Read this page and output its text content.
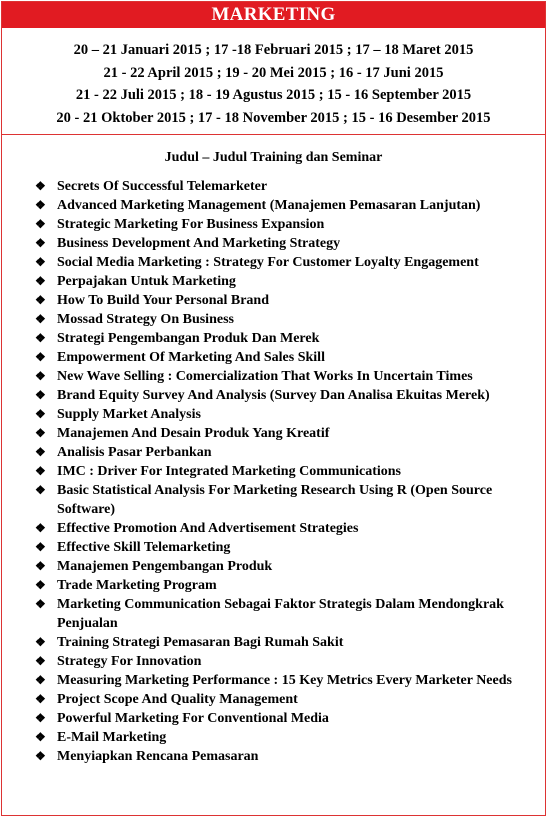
MARKETING
20 – 21 Januari 2015 ; 17 -18 Februari 2015 ; 17 – 18 Maret 2015
21 - 22 April 2015 ; 19 - 20 Mei 2015 ; 16 - 17 Juni 2015
21 - 22 Juli 2015 ; 18 - 19 Agustus 2015 ; 15 - 16 September 2015
20 - 21 Oktober 2015 ; 17 - 18 November 2015 ; 15 - 16 Desember 2015
Judul – Judul Training dan Seminar
❖ Secrets Of Successful Telemarketer
❖ Advanced Marketing Management (Manajemen Pemasaran Lanjutan)
❖ Strategic Marketing For Business Expansion
❖ Business Development And Marketing Strategy
❖ Social Media Marketing : Strategy For Customer Loyalty Engagement
❖ Perpajakan Untuk Marketing
❖ How To Build Your Personal Brand
❖ Mossad Strategy On Business
❖ Strategi Pengembangan Produk Dan Merek
❖ Empowerment Of Marketing And Sales Skill
❖ New Wave Selling : Comercialization That Works In Uncertain Times
❖ Brand Equity Survey And Analysis (Survey Dan Analisa Ekuitas Merek)
❖ Supply Market Analysis
❖ Manajemen And Desain Produk Yang Kreatif
❖ Analisis Pasar Perbankan
❖ IMC : Driver For Integrated Marketing Communications
❖ Basic Statistical Analysis For Marketing Research Using R (Open Source Software)
❖ Effective Promotion And Advertisement Strategies
❖ Effective Skill Telemarketing
❖ Manajemen Pengembangan Produk
❖ Trade Marketing Program
❖ Marketing Communication Sebagai Faktor Strategis Dalam Mendongkrak Penjualan
❖ Training Strategi Pemasaran Bagi Rumah Sakit
❖ Strategy For Innovation
❖ Measuring Marketing Performance : 15 Key Metrics Every Marketer Needs
❖ Project Scope And Quality Management
❖ Powerful Marketing For Conventional Media
❖ E-Mail Marketing
❖ Menyiapkan Rencana Pemasaran
